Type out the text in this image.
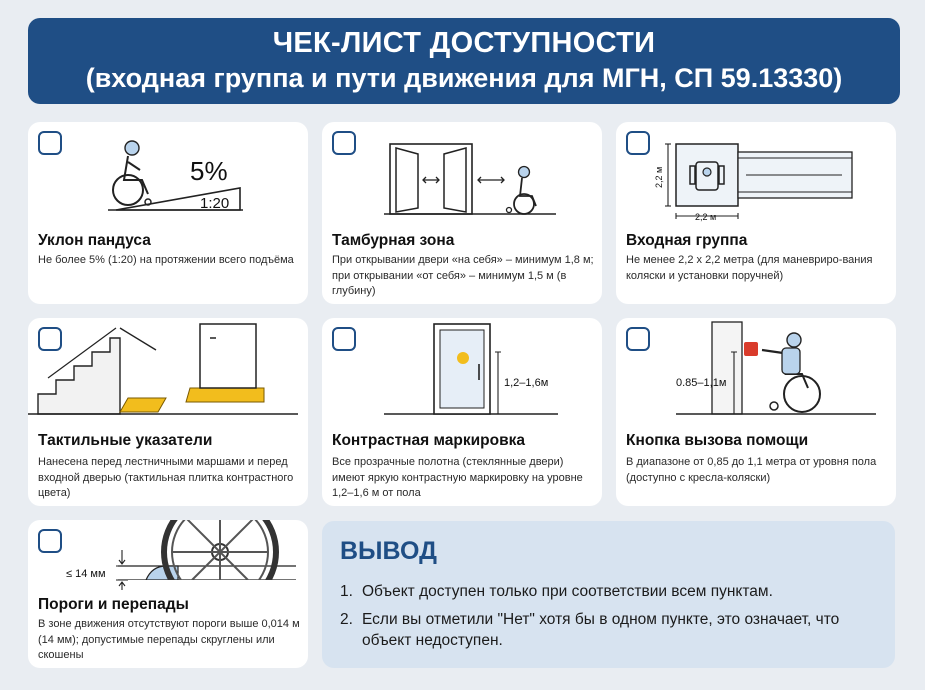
ЧЕК-ЛИСТ ДОСТУПНОСТИ
(входная группа и пути движения для МГН, СП 59.13330)
5%
1:20
Уклон пандуса
Не более 5% (1:20) на протяжении всего подъёма
Тамбурная зона
При открывании двери «на себя» – минимум 1,8 м; при открывании «от себя» – минимум 1,5 м (в глубину)
2,2 м
2,2 м
Входная группа
Не менее 2,2 х 2,2 метра (для маневриро-вания коляски и установки поручней)
Тактильные указатели
Нанесена перед лестничными маршами и перед входной дверью (тактильная плитка контрастного цвета)
1,2–1,6м
Контрастная маркировка
Все прозрачные полотна (стеклянные двери) имеют яркую контрастную маркировку на уровне 1,2–1,6 м от пола
0.85–1,1м
Кнопка вызова помощи
В диапазоне от 0,85 до 1,1 метра от уровня пола (доступно с кресла-коляски)
≤ 14 мм
Пороги и перепады
В зоне движения отсутствуют пороги выше 0,014 м (14 мм); допустимые перепады скруглены или скошены
ВЫВОД
1. Объект доступен только при соответствии всем пунктам.
2. Если вы отметили "Нет" хотя бы в одном пункте, это означает, что объект недоступен.
